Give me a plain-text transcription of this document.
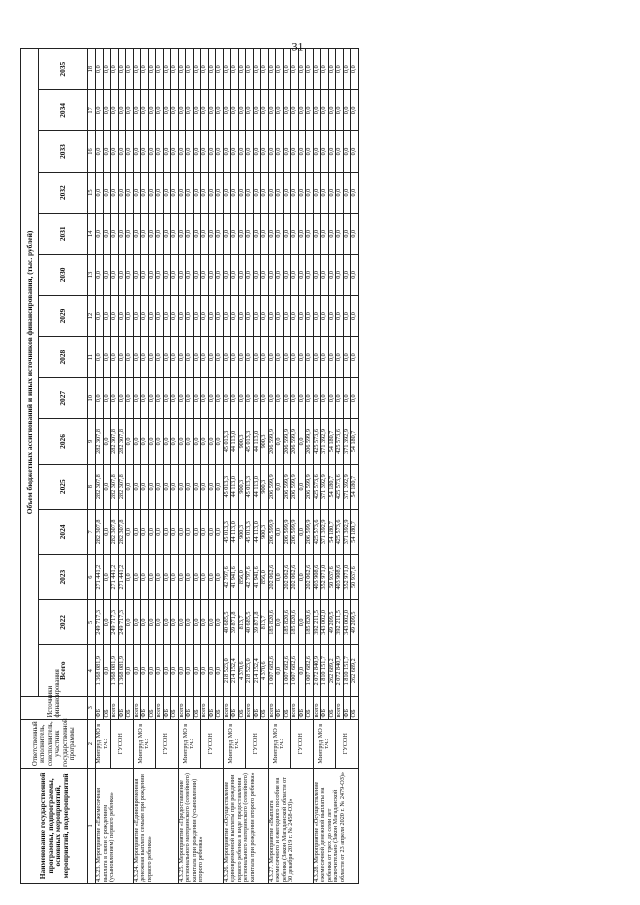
31
Наименование государственной программы, подпрограммы, основных мероприятий, мероприятий, подмероприятий	Ответственный исполнитель, соисполнитель, участник государственной программы	Источники финансирования	Объем бюджетных ассигнований и иных источников финансирования, (тыс. рублей)														
			Всего	2022	2023	2024	2025	2026	2027	2028	2029	2030	2031	2032	2033	2034	2035
1	2	3	4	5	6	7	8	9	10	11	12	13	14	15	16	17	18
4.3.23. Мероприятие «Ежемесячная выплата в связи с рождением (усыновлением) первого ребенка»	Минтруд МО в т.ч.:	ФБ	1 368 081,9	249 717,3	271 441,2	282 307,8	282 307,8	282 307,8	0,0	0,0	0,0	0,0	0,0	0,0	0,0	0,0	0,0
		ОБ	0,0	0,0	0,0	0,0	0,0	0,0	0,0	0,0	0,0	0,0	0,0	0,0	0,0	0,0	0,0
	ГУСОН	всего	1 368 081,9	249 717,3	271 441,2	282 307,8	282 307,8	282 307,8	0,0	0,0	0,0	0,0	0,0	0,0	0,0	0,0	0,0
		ФБ	1 368 081,9	249 717,3	271 441,2	282 307,8	282 307,8	282 307,8	0,0	0,0	0,0	0,0	0,0	0,0	0,0	0,0	0,0
		ОБ	0,0	0,0	0,0	0,0	0,0	0,0	0,0	0,0	0,0	0,0	0,0	0,0	0,0	0,0	0,0
4.3.24. Мероприятие «Единовременная денежная выплата семьям при рождении первого ребенка»	Минтруд МО в т.ч.:	всего	0,0	0,0	0,0	0,0	0,0	0,0	0,0	0,0	0,0	0,0	0,0	0,0	0,0	0,0	0,0
		ФБ	0,0	0,0	0,0	0,0	0,0	0,0	0,0	0,0	0,0	0,0	0,0	0,0	0,0	0,0	0,0
		ОБ	0,0	0,0	0,0	0,0	0,0	0,0	0,0	0,0	0,0	0,0	0,0	0,0	0,0	0,0	0,0
	ГУСОН	всего	0,0	0,0	0,0	0,0	0,0	0,0	0,0	0,0	0,0	0,0	0,0	0,0	0,0	0,0	0,0
		ФБ	0,0	0,0	0,0	0,0	0,0	0,0	0,0	0,0	0,0	0,0	0,0	0,0	0,0	0,0	0,0
		ОБ	0,0	0,0	0,0	0,0	0,0	0,0	0,0	0,0	0,0	0,0	0,0	0,0	0,0	0,0	0,0
4.3.25. Мероприятие «Предоставление регионального материнского (семейного) капитала при рождении (усыновлении) второго ребенка»	Минтруд МО в т.ч.:	всего	0,0	0,0	0,0	0,0	0,0	0,0	0,0	0,0	0,0	0,0	0,0	0,0	0,0	0,0	0,0
		ФБ	0,0	0,0	0,0	0,0	0,0	0,0	0,0	0,0	0,0	0,0	0,0	0,0	0,0	0,0	0,0
		ОБ	0,0	0,0	0,0	0,0	0,0	0,0	0,0	0,0	0,0	0,0	0,0	0,0	0,0	0,0	0,0
	ГУСОН	всего	0,0	0,0	0,0	0,0	0,0	0,0	0,0	0,0	0,0	0,0	0,0	0,0	0,0	0,0	0,0
		ФБ	0,0	0,0	0,0	0,0	0,0	0,0	0,0	0,0	0,0	0,0	0,0	0,0	0,0	0,0	0,0
		ОБ	0,0	0,0	0,0	0,0	0,0	0,0	0,0	0,0	0,0	0,0	0,0	0,0	0,0	0,0	0,0
4.3.26. Мероприятие «Осуществление единовременной выплаты при рождении первого ребенка в виде предоставления регионального материнского (семейного) капитала при рождении второго ребенка»	Минтруд МО в т.ч.:	всего	218 523,0	40 685,5	42 797,6	45 013,3	45 013,3	45 013,3	0,0	0,0	0,0	0,0	0,0	0,0	0,0	0,0	0,0
		ФБ	214 152,4	39 871,8	41 941,6	44 113,0	44 113,0	44 113,0	0,0	0,0	0,0	0,0	0,0	0,0	0,0	0,0	0,0
		ОБ	4 370,6	813,7	856,0	900,3	900,3	900,3	0,0	0,0	0,0	0,0	0,0	0,0	0,0	0,0	0,0
	ГУСОН	всего	218 523,0	40 685,5	42 797,6	45 013,3	45 013,3	45 013,3	0,0	0,0	0,0	0,0	0,0	0,0	0,0	0,0	0,0
		ФБ	214 152,4	39 871,8	41 941,6	44 113,0	44 113,0	44 113,0	0,0	0,0	0,0	0,0	0,0	0,0	0,0	0,0	0,0
		ОБ	4 370,6	813,7	856,0	900,3	900,3	900,3	0,0	0,0	0,0	0,0	0,0	0,0	0,0	0,0	0,0
4.3.27. Мероприятие «Выплата ежемесячного и ежегодного пособия на ребенка (Закон Магаданской области от 30 декабря 2019 г. № 2458-ОЗ)»	Минтруд МО в т.ч.:	всего	1 007 682,6	185 820,6	202 062,6	206 599,9	206 599,9	206 599,9	0,0	0,0	0,0	0,0	0,0	0,0	0,0	0,0	0,0
		ФБ	0,0	0,0	0,0	0,0	0,0	0,0	0,0	0,0	0,0	0,0	0,0	0,0	0,0	0,0	0,0
		ОБ	1 007 682,6	185 820,6	202 062,6	206 599,9	206 599,9	206 599,9	0,0	0,0	0,0	0,0	0,0	0,0	0,0	0,0	0,0
	ГУСОН	всего	1 007 682,6	185 820,6	202 062,6	206 599,9	206 599,9	206 599,9	0,0	0,0	0,0	0,0	0,0	0,0	0,0	0,0	0,0
		ФБ	0,0	0,0	0,0	0,0	0,0	0,0	0,0	0,0	0,0	0,0	0,0	0,0	0,0	0,0	0,0
		ОБ	1 007 682,6	185 820,6	202 062,6	206 599,9	206 599,9	206 599,9	0,0	0,0	0,0	0,0	0,0	0,0	0,0	0,0	0,0
4.3.28. Мероприятие «Осуществление ежемесячной денежной выплаты на ребенка от трех до семи лет включительно (Закон Магаданской области от 23 апреля 2020 г. № 2479-ОЗ)»	Минтруд МО в т.ч.:	всего	2 072 840,9	392 211,5	403 908,6	425 573,6	425 573,6	425 573,6	0,0	0,0	0,0	0,0	0,0	0,0	0,0	0,0	0,0
		ФБ	1 810 151,7	343 002,0	352 971,0	371 392,9	371 392,9	371 392,9	0,0	0,0	0,0	0,0	0,0	0,0	0,0	0,0	0,0
		ОБ	262 689,2	49 209,5	50 937,6	54 180,7	54 180,7	54 180,7	0,0	0,0	0,0	0,0	0,0	0,0	0,0	0,0	0,0
	ГУСОН	всего	2 072 840,9	392 211,5	403 908,6	425 573,6	425 573,6	425 573,6	0,0	0,0	0,0	0,0	0,0	0,0	0,0	0,0	0,0
		ФБ	1 810 151,7	343 002,0	352 971,0	371 392,9	371 392,9	371 392,9	0,0	0,0	0,0	0,0	0,0	0,0	0,0	0,0	0,0
		ОБ	262 689,2	49 209,5	50 937,6	54 180,7	54 180,7	54 180,7	0,0	0,0	0,0	0,0	0,0	0,0	0,0	0,0	0,0
